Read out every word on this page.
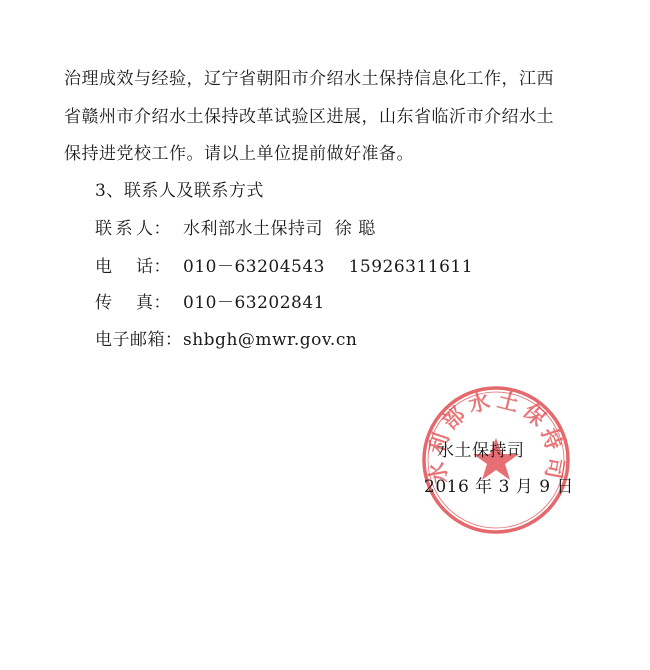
治理成效与经验，辽宁省朝阳市介绍水土保持信息化工作，江西
省赣州市介绍水土保持改革试验区进展，山东省临沂市介绍水土
保持进党校工作。请以上单位提前做好准备。
3、联系人及联系方式
联 系 人： 水利部水土保持司  徐 聪
电 话： 010－63204543    15926311611
传 真： 010－63202841
电子邮箱：shbgh@mwr.gov.cn
水利部水土保持司
水土保持司
2016 年 3 月 9 日
